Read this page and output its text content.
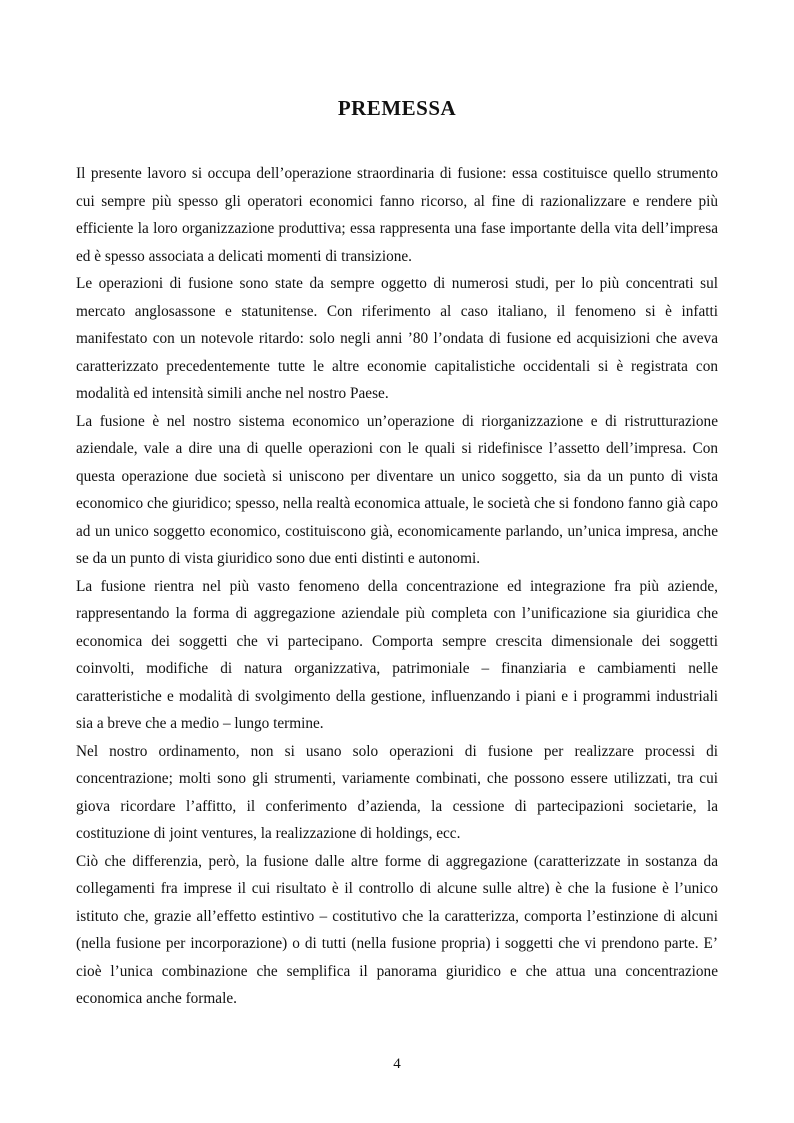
PREMESSA

Il presente lavoro si occupa dell’operazione straordinaria di fusione: essa costituisce quello strumento cui sempre più spesso gli operatori economici fanno ricorso, al fine di razionalizzare e rendere più efficiente la loro organizzazione produttiva; essa rappresenta una fase importante della vita dell’impresa ed è spesso associata a delicati momenti di transizione.

Le operazioni di fusione sono state da sempre oggetto di numerosi studi, per lo più concentrati sul mercato anglosassone e statunitense. Con riferimento al caso italiano, il fenomeno si è infatti manifestato con un notevole ritardo: solo negli anni ’80 l’ondata di fusione ed acquisizioni che aveva caratterizzato precedentemente tutte le altre economie capitalistiche occidentali si è registrata con modalità ed intensità simili anche nel nostro Paese.

La fusione è nel nostro sistema economico un’operazione di riorganizzazione e di ristrutturazione aziendale, vale a dire una di quelle operazioni con le quali si ridefinisce l’assetto dell’impresa. Con questa operazione due società si uniscono per diventare un unico soggetto, sia da un punto di vista economico che giuridico; spesso, nella realtà economica attuale, le società che si fondono fanno già capo ad un unico soggetto economico, costituiscono già, economicamente parlando, un’unica impresa, anche se da un punto di vista giuridico sono due enti distinti e autonomi.

La fusione rientra nel più vasto fenomeno della concentrazione ed integrazione fra più aziende, rappresentando la forma di aggregazione aziendale più completa con l’unificazione sia giuridica che economica dei soggetti che vi partecipano. Comporta sempre crescita dimensionale dei soggetti coinvolti, modifiche di natura organizzativa, patrimoniale – finanziaria e cambiamenti nelle caratteristiche e modalità di svolgimento della gestione, influenzando i piani e i programmi industriali sia a breve che a medio – lungo termine.

Nel nostro ordinamento, non si usano solo operazioni di fusione per realizzare processi di concentrazione; molti sono gli strumenti, variamente combinati, che possono essere utilizzati, tra cui giova ricordare l’affitto, il conferimento d’azienda, la cessione di partecipazioni societarie, la costituzione di joint ventures, la realizzazione di holdings, ecc.

Ciò che differenzia, però, la fusione dalle altre forme di aggregazione (caratterizzate in sostanza da collegamenti fra imprese il cui risultato è il controllo di alcune sulle altre) è che la fusione è l’unico istituto che, grazie all’effetto estintivo – costitutivo che la caratterizza, comporta l’estinzione di alcuni (nella fusione per incorporazione) o di tutti (nella fusione propria) i soggetti che vi prendono parte. E’ cioè l’unica combinazione che semplifica il panorama giuridico e che attua una concentrazione economica anche formale.

4
